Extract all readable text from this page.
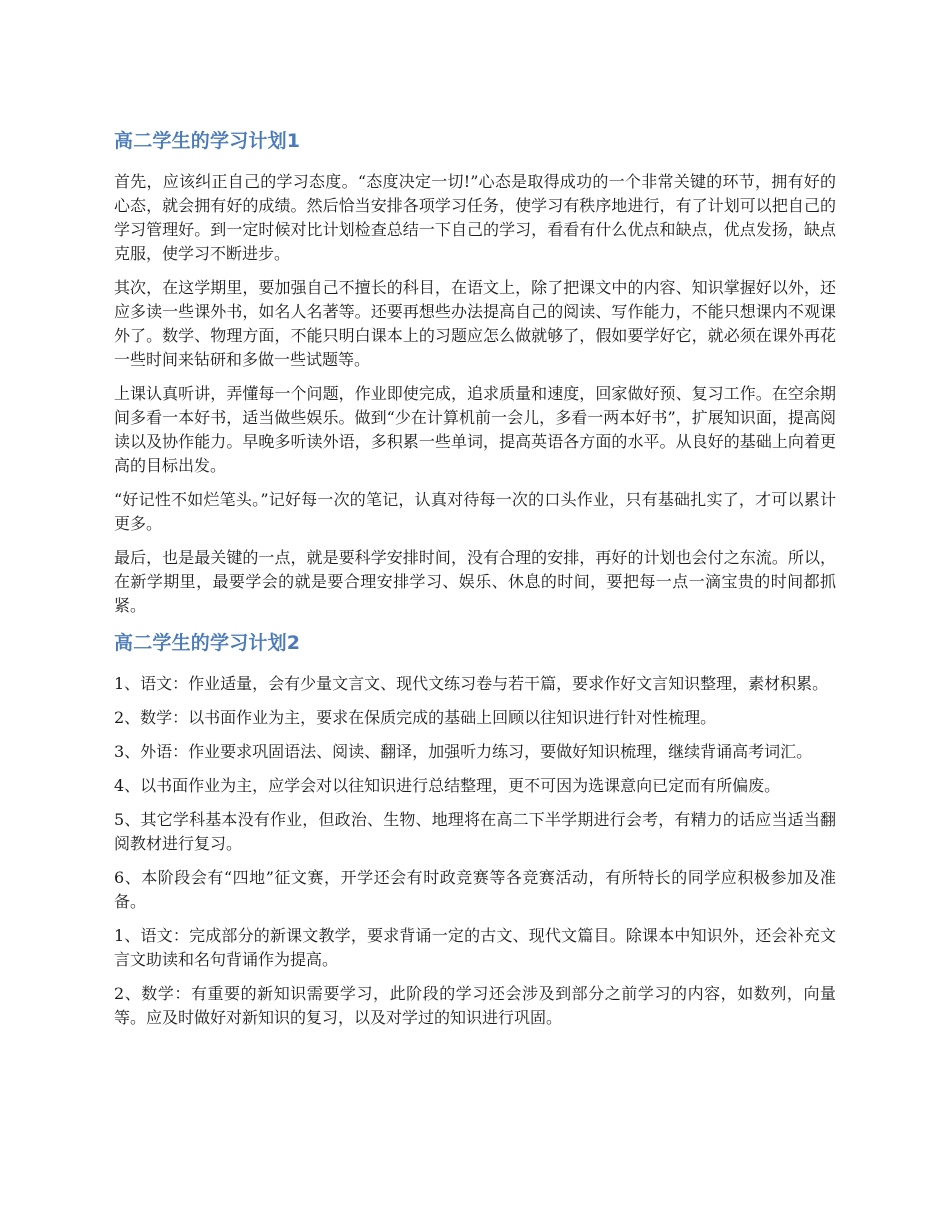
高二学生的学习计划1

首先，应该纠正自己的学习态度。“态度决定一切!”心态是取得成功的一个非常关键的环节，拥有好的心态，就会拥有好的成绩。然后恰当安排各项学习任务，使学习有秩序地进行，有了计划可以把自己的学习管理好。到一定时候对比计划检查总结一下自己的学习，看看有什么优点和缺点，优点发扬，缺点克服，使学习不断进步。

其次，在这学期里，要加强自己不擅长的科目，在语文上，除了把课文中的内容、知识掌握好以外，还应多读一些课外书，如名人名著等。还要再想些办法提高自己的阅读、写作能力，不能只想课内不观课外了。数学、物理方面，不能只明白课本上的习题应怎么做就够了，假如要学好它，就必须在课外再花一些时间来钻研和多做一些试题等。

上课认真听讲，弄懂每一个问题，作业即使完成，追求质量和速度，回家做好预、复习工作。在空余期间多看一本好书，适当做些娱乐。做到“少在计算机前一会儿，多看一两本好书”，扩展知识面，提高阅读以及协作能力。早晚多听读外语，多积累一些单词，提高英语各方面的水平。从良好的基础上向着更高的目标出发。

“好记性不如烂笔头。”记好每一次的笔记，认真对待每一次的口头作业，只有基础扎实了，才可以累计更多。

最后，也是最关键的一点，就是要科学安排时间，没有合理的安排，再好的计划也会付之东流。所以，在新学期里，最要学会的就是要合理安排学习、娱乐、休息的时间，要把每一点一滴宝贵的时间都抓紧。

高二学生的学习计划2

1、语文：作业适量，会有少量文言文、现代文练习卷与若干篇，要求作好文言知识整理，素材积累。

2、数学：以书面作业为主，要求在保质完成的基础上回顾以往知识进行针对性梳理。

3、外语：作业要求巩固语法、阅读、翻译，加强听力练习，要做好知识梳理，继续背诵高考词汇。

4、以书面作业为主，应学会对以往知识进行总结整理，更不可因为选课意向已定而有所偏废。

5、其它学科基本没有作业，但政治、生物、地理将在高二下半学期进行会考，有精力的话应当适当翻阅教材进行复习。

6、本阶段会有“四地”征文赛，开学还会有时政竞赛等各竞赛活动，有所特长的同学应积极参加及准备。

1、语文：完成部分的新课文教学，要求背诵一定的古文、现代文篇目。除课本中知识外，还会补充文言文助读和名句背诵作为提高。

2、数学：有重要的新知识需要学习，此阶段的学习还会涉及到部分之前学习的内容，如数列，向量等。应及时做好对新知识的复习，以及对学过的知识进行巩固。
